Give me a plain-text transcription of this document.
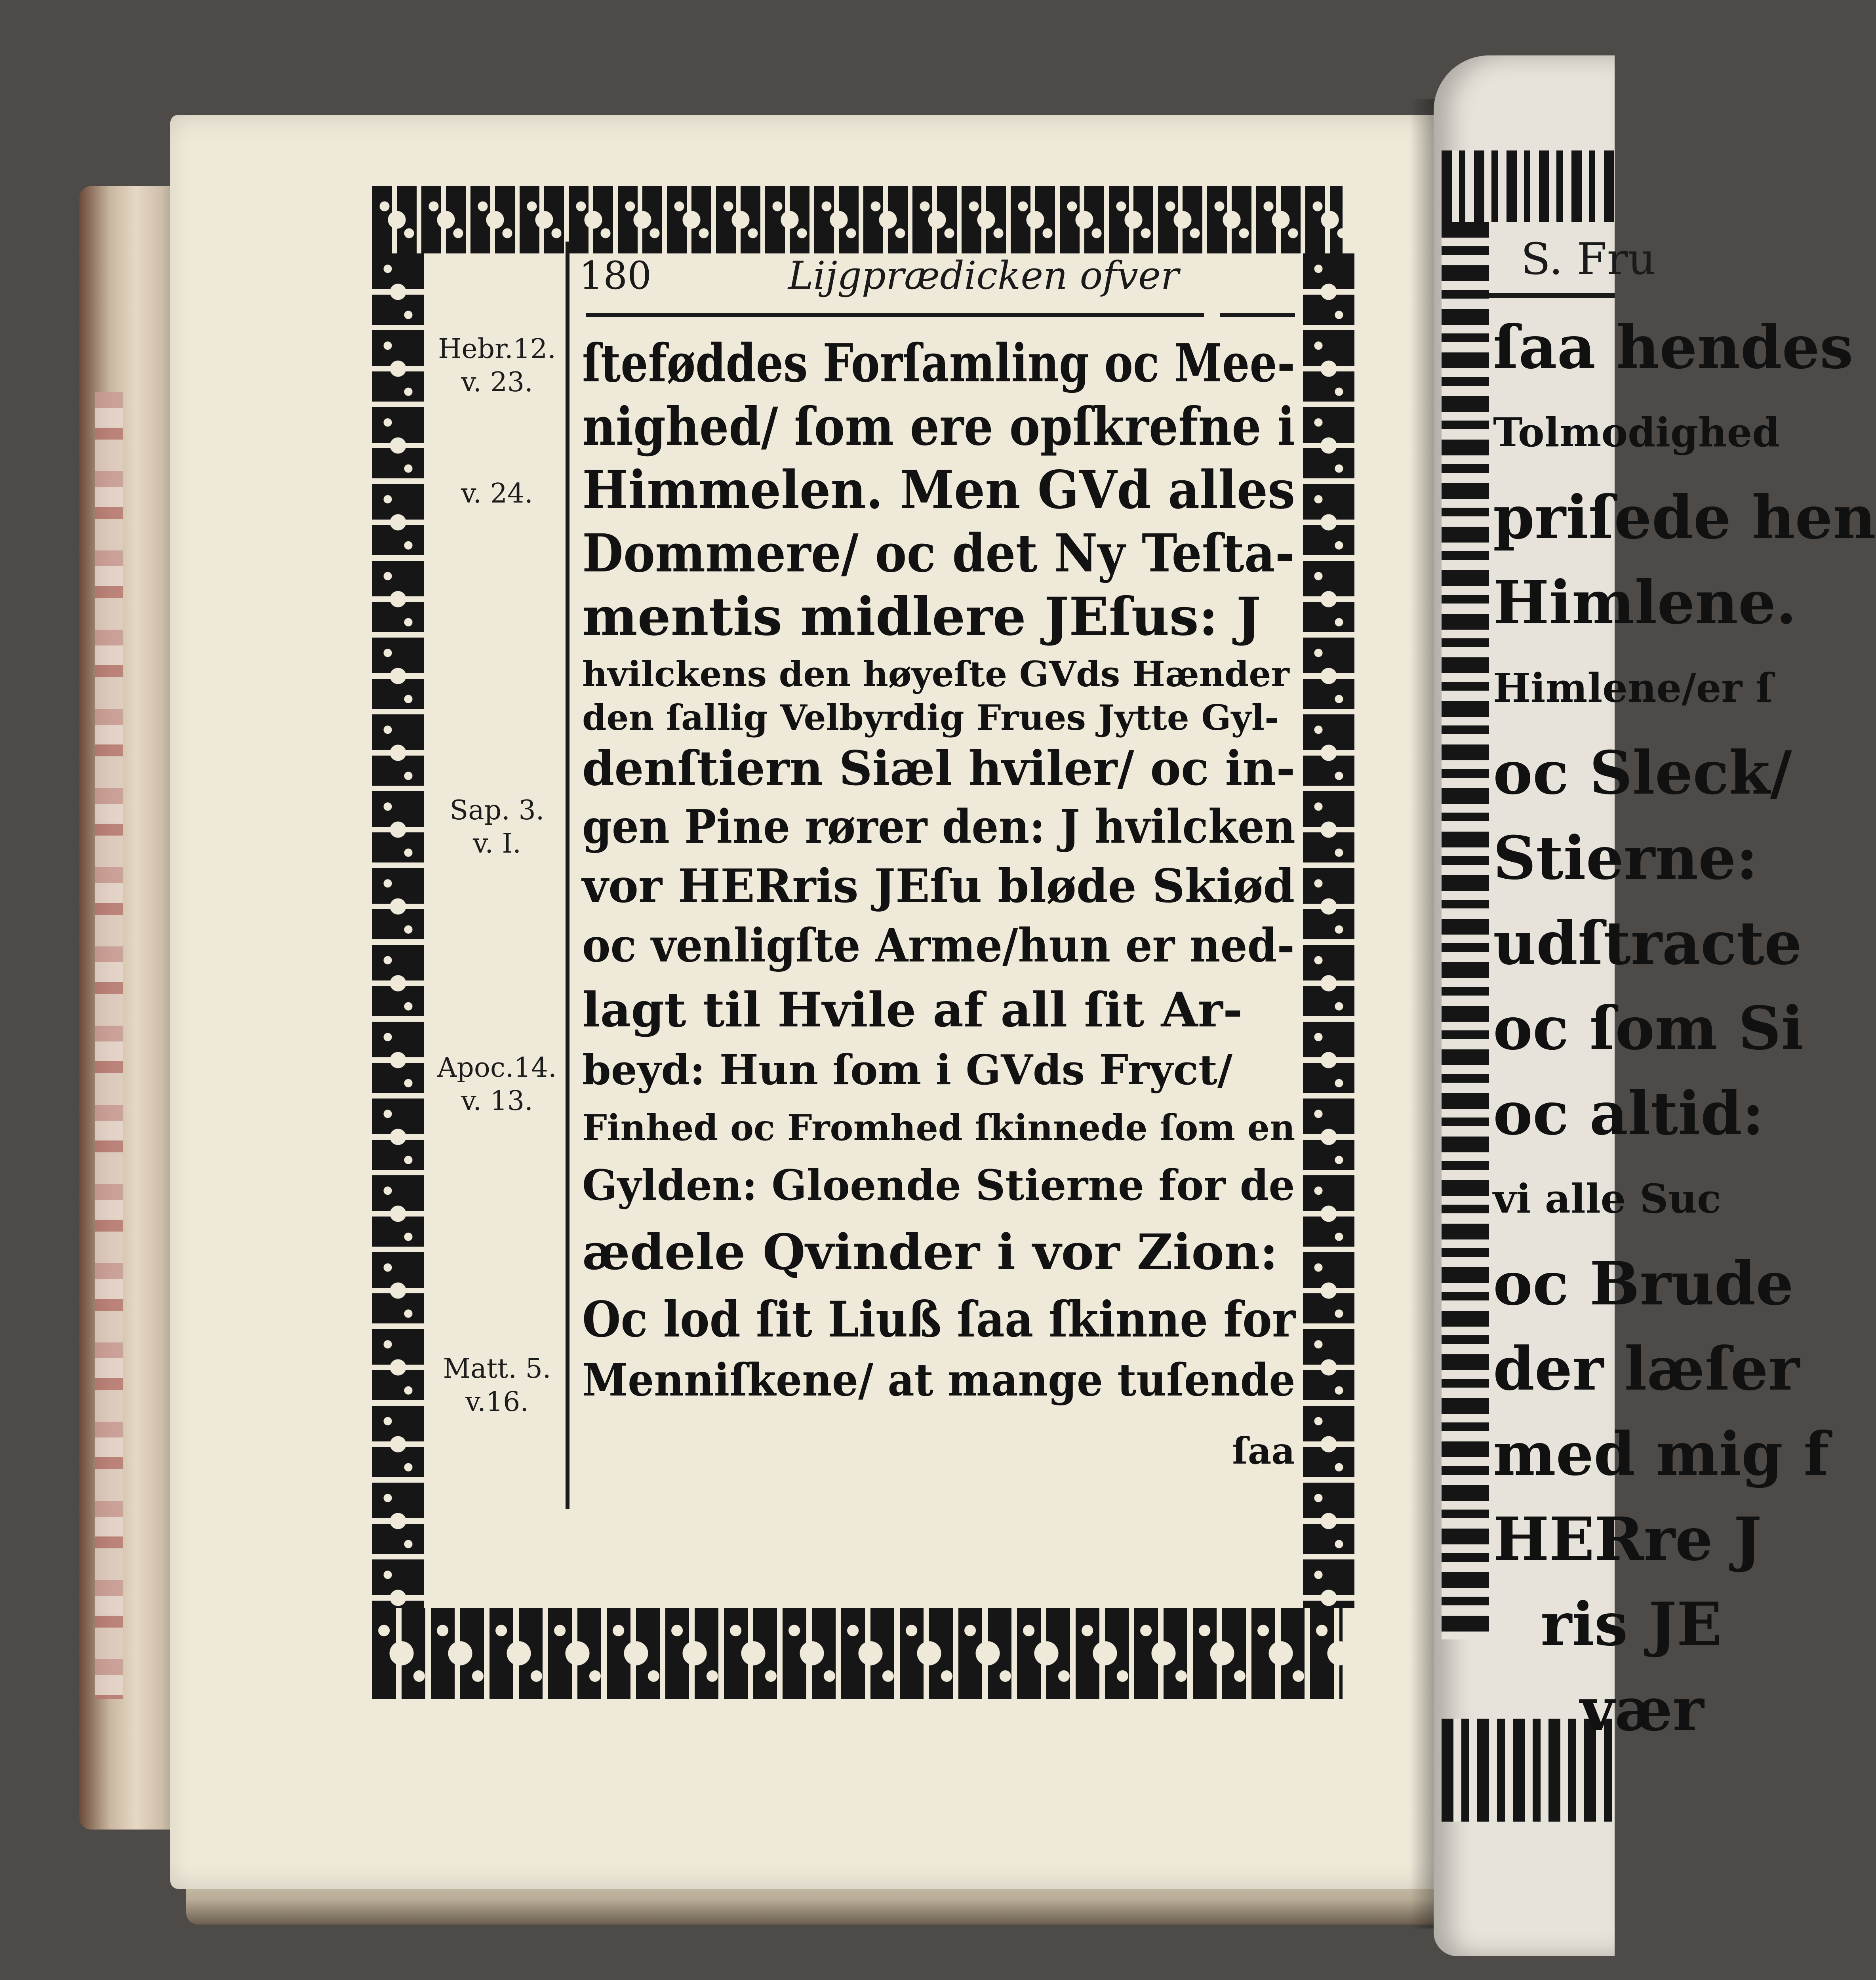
180	Lijgprædicken ofver
Hebr.12.
v. 23.
v. 24.
Sap. 3.
v. I.
Apoc.14.
v. 13.
Matt. 5.
v.16.
ſteføddes Forſamling oc Mee-
nighed/ ſom ere opſkrefne i
Himmelen. Men GVd alles
Dommere/ oc det Ny Teſta-
mentis midlere JEſus: J
hvilckens den høyeſte GVds Hænder
den ſallig Velbyrdig Frues Jytte Gyl-
denſtiern Siæl hviler/ oc in-
gen Pine rører den: J hvilcken
vor HERris JEſu bløde Skiød
oc venligſte Arme/hun er ned-
lagt til Hvile af all ſit Ar-
beyd: Hun ſom i GVds Fryct/
Finhed oc Fromhed ſkinnede ſom en
Gylden: Gloende Stierne for de
ædele Qvinder i vor Zion:
Oc lod ſit Liuß ſaa ſkinne for
Menniſkene/ at mange tuſende
ſaa
S. Fru
ſaa hendes
Tolmodighed
priſede hen
Himlene.
Himlene/er ſ
oc Sleck/
Stierne:
udſtracte
oc ſom Si
oc altid:
vi alle Suc
oc Brude
der læſer
med mig f
HERre J
ris JE
vær
